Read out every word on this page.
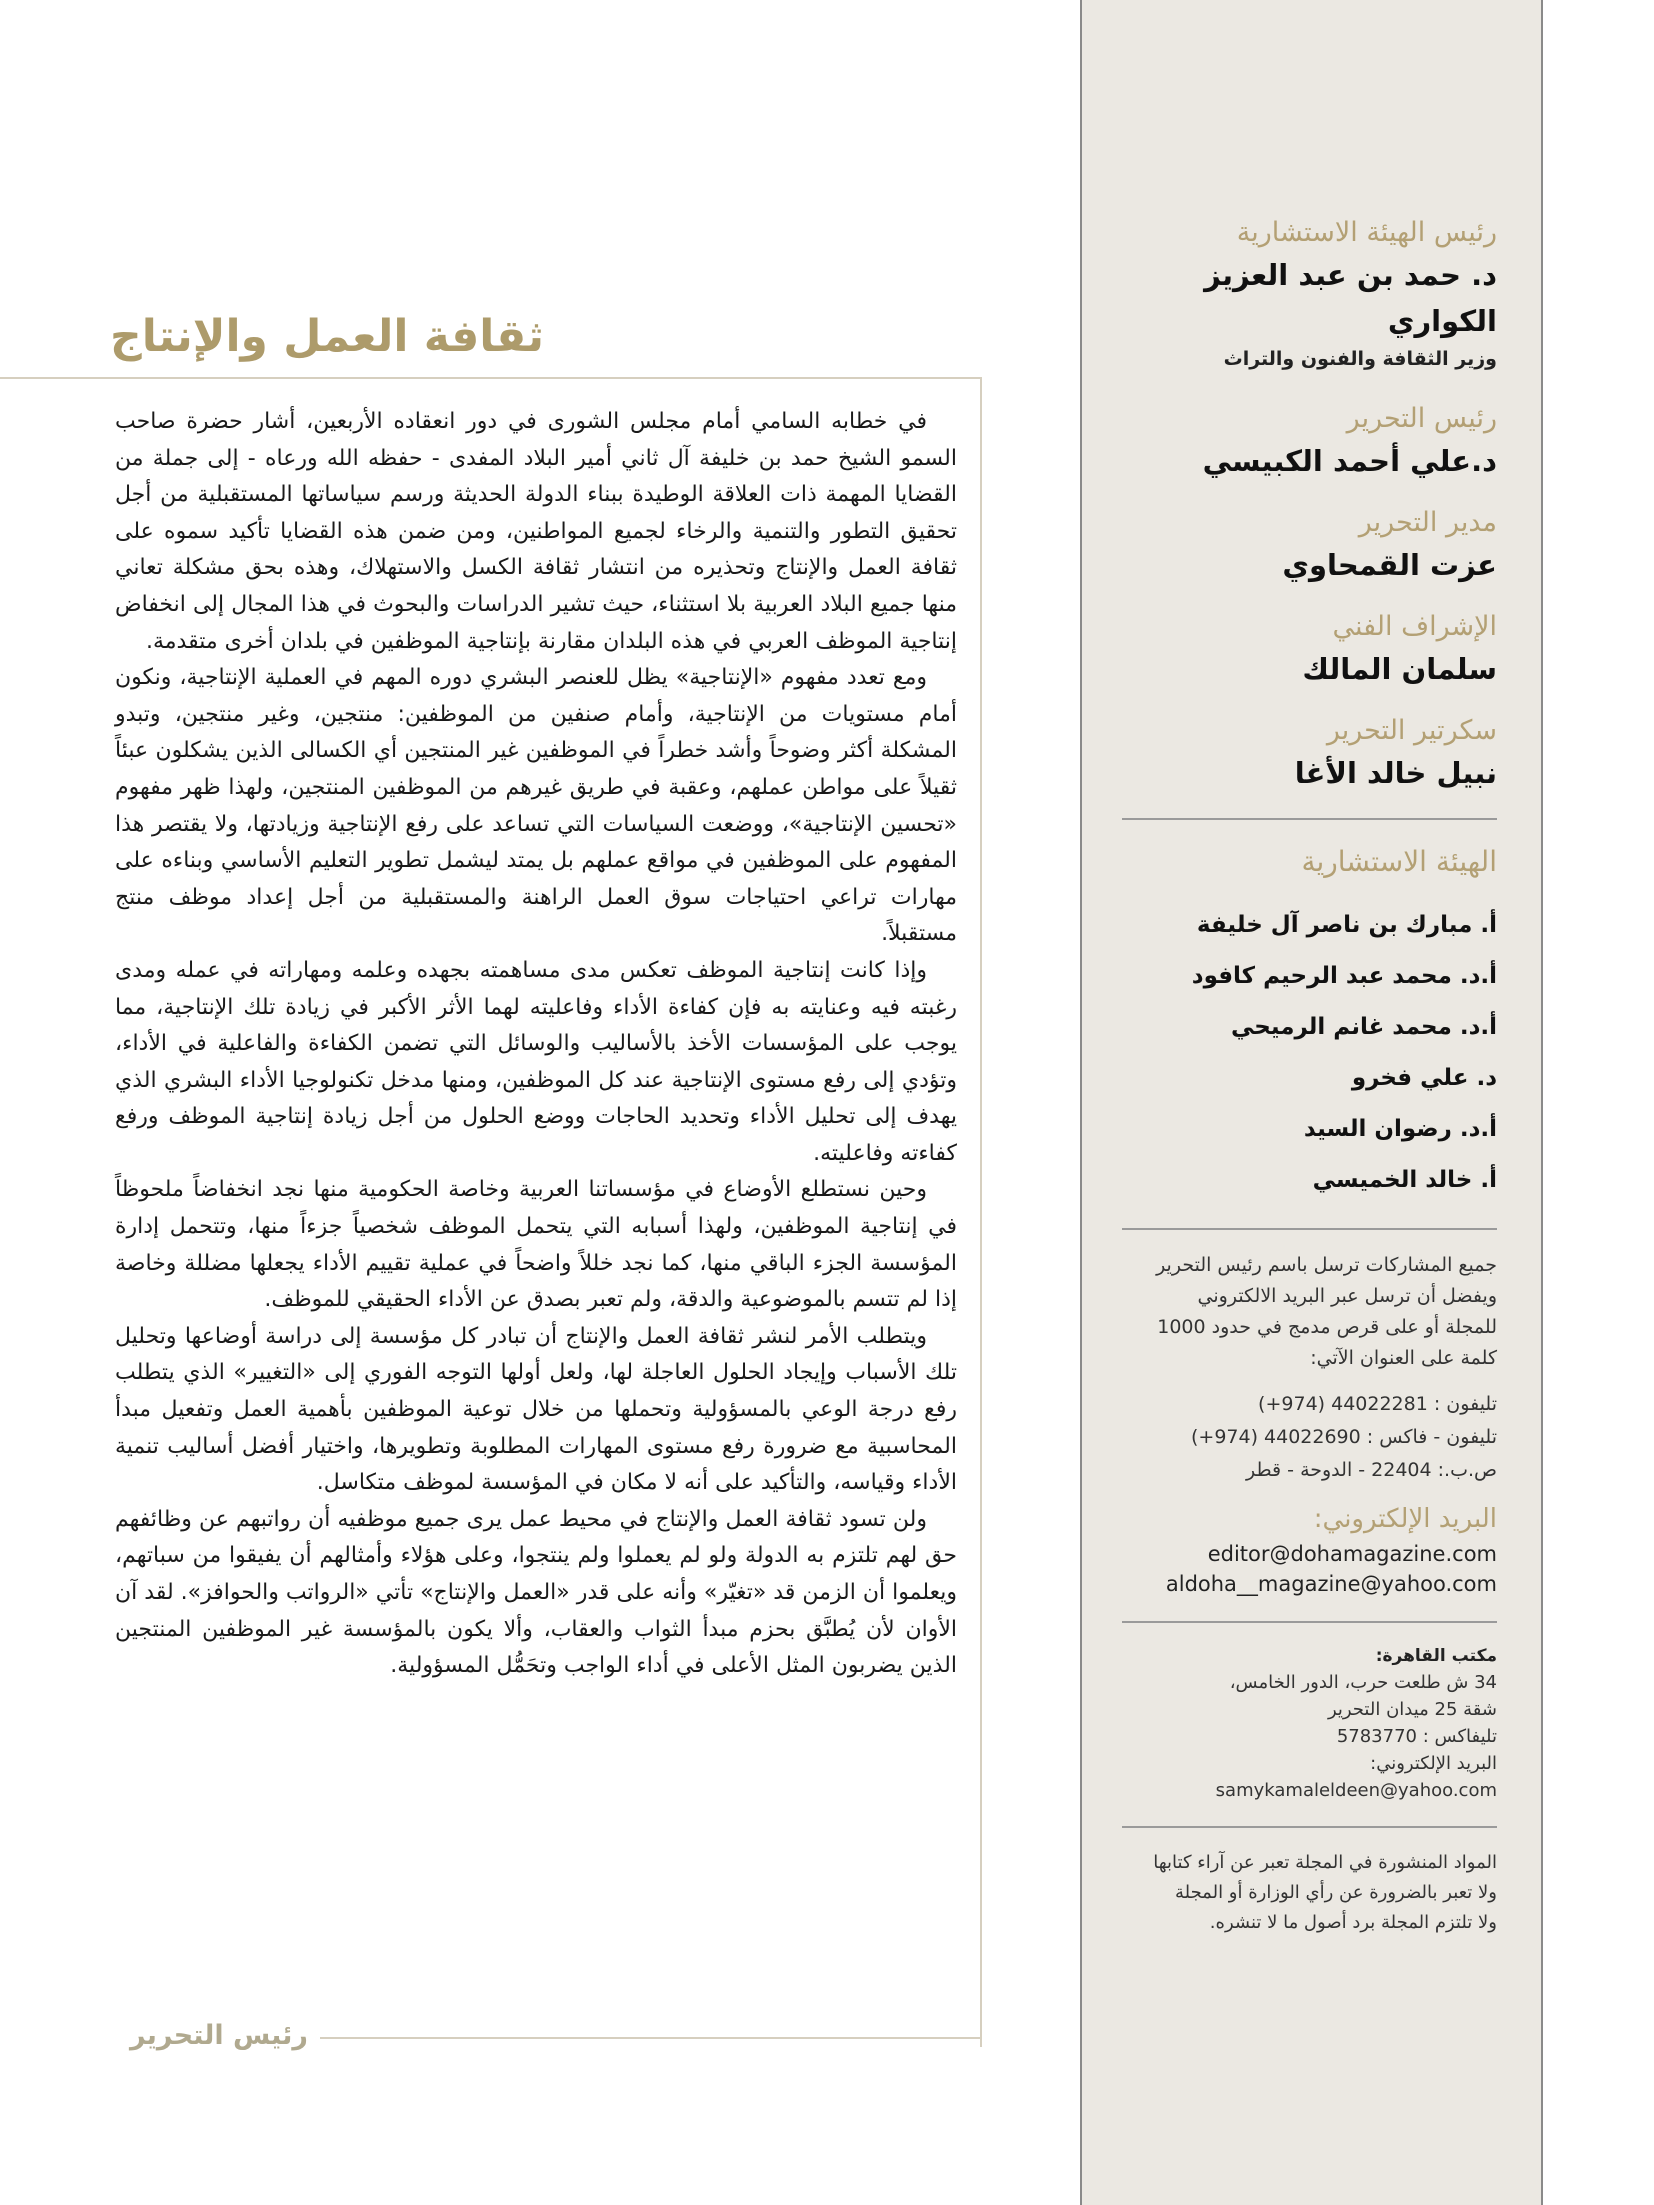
رئيس الهيئة الاستشارية
د. حمد بن عبد العزيز الكواري
وزير الثقافة والفنون والتراث
رئيس التحرير
د.علي أحمد الكبيسي
مدير التحرير
عزت القمحاوي
الإشراف الفني
سلمان المالك
سكرتير التحرير
نبيل خالد الأغا
الهيئة الاستشارية
أ. مبارك بن ناصر آل خليفة
أ.د. محمد عبد الرحيم كافود
أ.د. محمد غانم الرميحي
د. علي فخرو
أ.د. رضوان السيد
أ. خالد الخميسي
جميع المشاركات ترسل باسم رئيس التحرير
ويفضل أن ترسل عبر البريد الالكتروني
للمجلة أو على قرص مدمج في حدود 1000
كلمة على العنوان الآتي:
تليفون : 44022281 (974+)
تليفون - فاكس : 44022690 (974+)
ص.ب.: 22404 - الدوحة - قطر
البريد الإلكتروني:
editor@dohamagazine.com
aldoha__magazine@yahoo.com
مكتب القاهرة:
34 ش طلعت حرب، الدور الخامس،
شقة 25 ميدان التحرير
تليفاكس : 5783770
البريد الإلكتروني:
samykamaleldeen@yahoo.com
المواد المنشورة في المجلة تعبر عن آراء كتابها
ولا تعبر بالضرورة عن رأي الوزارة أو المجلة
ولا تلتزم المجلة برد أصول ما لا تنشره.
ثقافة العمل والإنتاج

في خطابه السامي أمام مجلس الشورى في دور انعقاده الأربعين، أشار حضرة صاحب السمو الشيخ حمد بن خليفة آل ثاني أمير البلاد المفدى - حفظه الله ورعاه - إلى جملة من القضايا المهمة ذات العلاقة الوطيدة ببناء الدولة الحديثة ورسم سياساتها المستقبلية من أجل تحقيق التطور والتنمية والرخاء لجميع المواطنين، ومن ضمن هذه القضايا تأكيد سموه على ثقافة العمل والإنتاج وتحذيره من انتشار ثقافة الكسل والاستهلاك، وهذه بحق مشكلة تعاني منها جميع البلاد العربية بلا استثناء، حيث تشير الدراسات والبحوث في هذا المجال إلى انخفاض إنتاجية الموظف العربي في هذه البلدان مقارنة بإنتاجية الموظفين في بلدان أخرى متقدمة.

ومع تعدد مفهوم «الإنتاجية» يظل للعنصر البشري دوره المهم في العملية الإنتاجية، ونكون أمام مستويات من الإنتاجية، وأمام صنفين من الموظفين: منتجين، وغير منتجين، وتبدو المشكلة أكثر وضوحاً وأشد خطراً في الموظفين غير المنتجين أي الكسالى الذين يشكلون عبئاً ثقيلاً على مواطن عملهم، وعقبة في طريق غيرهم من الموظفين المنتجين، ولهذا ظهر مفهوم «تحسين الإنتاجية»، ووضعت السياسات التي تساعد على رفع الإنتاجية وزيادتها، ولا يقتصر هذا المفهوم على الموظفين في مواقع عملهم بل يمتد ليشمل تطوير التعليم الأساسي وبناءه على مهارات تراعي احتياجات سوق العمل الراهنة والمستقبلية من أجل إعداد موظف منتج مستقبلاً.

وإذا كانت إنتاجية الموظف تعكس مدى مساهمته بجهده وعلمه ومهاراته في عمله ومدى رغبته فيه وعنايته به فإن كفاءة الأداء وفاعليته لهما الأثر الأكبر في زيادة تلك الإنتاجية، مما يوجب على المؤسسات الأخذ بالأساليب والوسائل التي تضمن الكفاءة والفاعلية في الأداء، وتؤدي إلى رفع مستوى الإنتاجية عند كل الموظفين، ومنها مدخل تكنولوجيا الأداء البشري الذي يهدف إلى تحليل الأداء وتحديد الحاجات ووضع الحلول من أجل زيادة إنتاجية الموظف ورفع كفاءته وفاعليته.

وحين نستطلع الأوضاع في مؤسساتنا العربية وخاصة الحكومية منها نجد انخفاضاً ملحوظاً في إنتاجية الموظفين، ولهذا أسبابه التي يتحمل الموظف شخصياً جزءاً منها، وتتحمل إدارة المؤسسة الجزء الباقي منها، كما نجد خللاً واضحاً في عملية تقييم الأداء يجعلها مضللة وخاصة إذا لم تتسم بالموضوعية والدقة، ولم تعبر بصدق عن الأداء الحقيقي للموظف.

ويتطلب الأمر لنشر ثقافة العمل والإنتاج أن تبادر كل مؤسسة إلى دراسة أوضاعها وتحليل تلك الأسباب وإيجاد الحلول العاجلة لها، ولعل أولها التوجه الفوري إلى «التغيير» الذي يتطلب رفع درجة الوعي بالمسؤولية وتحملها من خلال توعية الموظفين بأهمية العمل وتفعيل مبدأ المحاسبية مع ضرورة رفع مستوى المهارات المطلوبة وتطويرها، واختيار أفضل أساليب تنمية الأداء وقياسه، والتأكيد على أنه لا مكان في المؤسسة لموظف متكاسل.

ولن تسود ثقافة العمل والإنتاج في محيط عمل يرى جميع موظفيه أن رواتبهم عن وظائفهم حق لهم تلتزم به الدولة ولو لم يعملوا ولم ينتجوا، وعلى هؤلاء وأمثالهم أن يفيقوا من سباتهم، ويعلموا أن الزمن قد «تغيّر» وأنه على قدر «العمل والإنتاج» تأتي «الرواتب والحوافز». لقد آن الأوان لأن يُطبَّق بحزم مبدأ الثواب والعقاب، وألا يكون بالمؤسسة غير الموظفين المنتجين الذين يضربون المثل الأعلى في أداء الواجب وتحَمُّل المسؤولية.

رئيس التحرير
